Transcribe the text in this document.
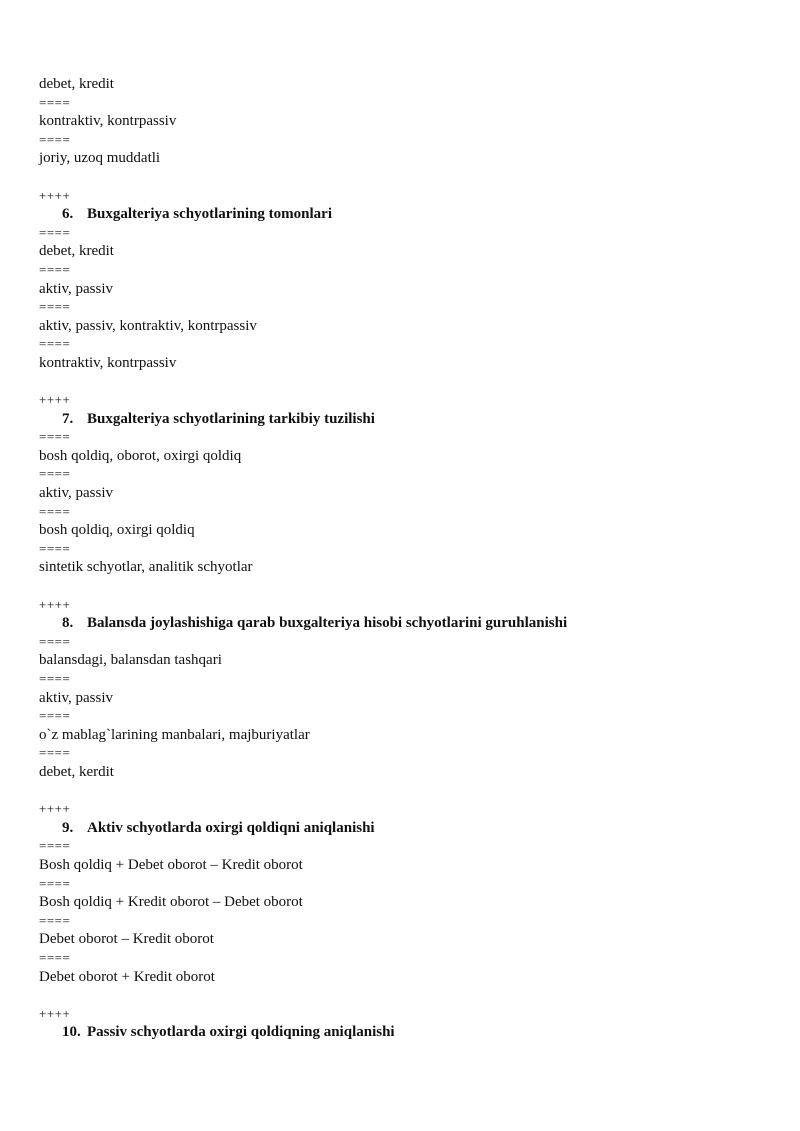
debet, kredit
====
kontraktiv, kontrpassiv
====
joriy, uzoq muddatli
++++
6. Buxgalteriya schyotlarining tomonlari
====
debet, kredit
====
aktiv, passiv
====
aktiv, passiv, kontraktiv, kontrpassiv
====
kontraktiv, kontrpassiv
++++
7. Buxgalteriya schyotlarining tarkibiy tuzilishi
====
bosh qoldiq, oborot, oxirgi qoldiq
====
aktiv, passiv
====
bosh qoldiq, oxirgi qoldiq
====
sintetik schyotlar, analitik schyotlar
++++
8. Balansda joylashishiga qarab buxgalteriya hisobi schyotlarini guruhlanishi
====
balansdagi, balansdan tashqari
====
aktiv, passiv
====
o`z mablag`larining manbalari, majburiyatlar
====
debet, kerdit
++++
9. Aktiv schyotlarda oxirgi qoldiqni aniqlanishi
====
Bosh qoldiq + Debet oborot – Kredit oborot
====
Bosh qoldiq + Kredit oborot – Debet oborot
====
Debet oborot – Kredit oborot
====
Debet oborot + Kredit oborot
++++
10. Passiv schyotlarda oxirgi qoldiqning aniqlanishi
